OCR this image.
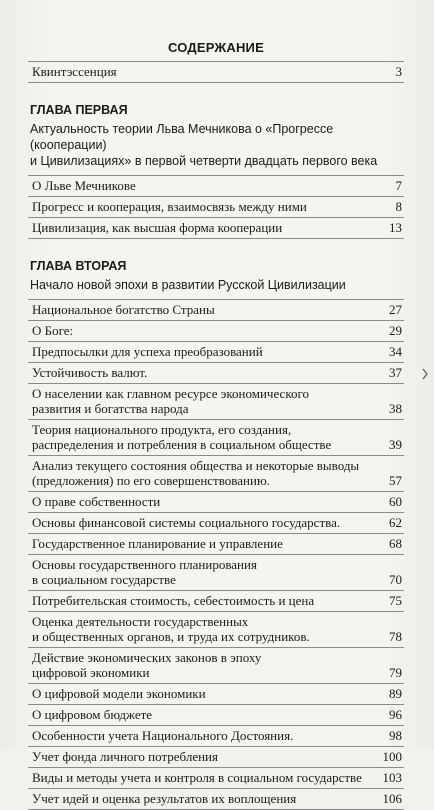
СОДЕРЖАНИЕ
Квинтэссенция	3
ГЛАВА ПЕРВАЯ
Актуальность теории Льва Мечникова о «Прогрессе (кооперации)
и Цивилизациях» в первой четверти двадцать первого века
О Льве Мечникове	7
Прогресс и кооперация, взаимосвязь между ними	8
Цивилизация, как высшая форма кооперации	13
ГЛАВА ВТОРАЯ
Начало новой эпохи в развитии Русской Цивилизации
Национальное богатство Страны	27
О Боге:	29
Предпосылки для успеха преобразований	34
Устойчивость валют.	37
О населении как главном ресурсе экономического
развития и богатства народа	38
Теория национального продукта, его создания,
распределения и потребления в социальном обществе	39
Анализ текущего состояния общества и некоторые выводы
(предложения) по его совершенствованию.	57
О праве собственности	60
Основы финансовой системы социального государства.	62
Государственное планирование и управление	68
Основы государственного планирования
в социальном государстве	70
Потребительская стоимость, себестоимость и цена	75
Оценка деятельности государственных
и общественных органов, и труда их сотрудников.	78
Действие экономических законов в эпоху
цифровой экономики	79
О цифровой модели экономики	89
О цифровом бюджете	96
Особенности учета Национального Достояния.	98
Учет фонда личного потребления	100
Виды и методы учета и контроля в социальном государстве	103
Учет идей и оценка результатов их воплощения	106
